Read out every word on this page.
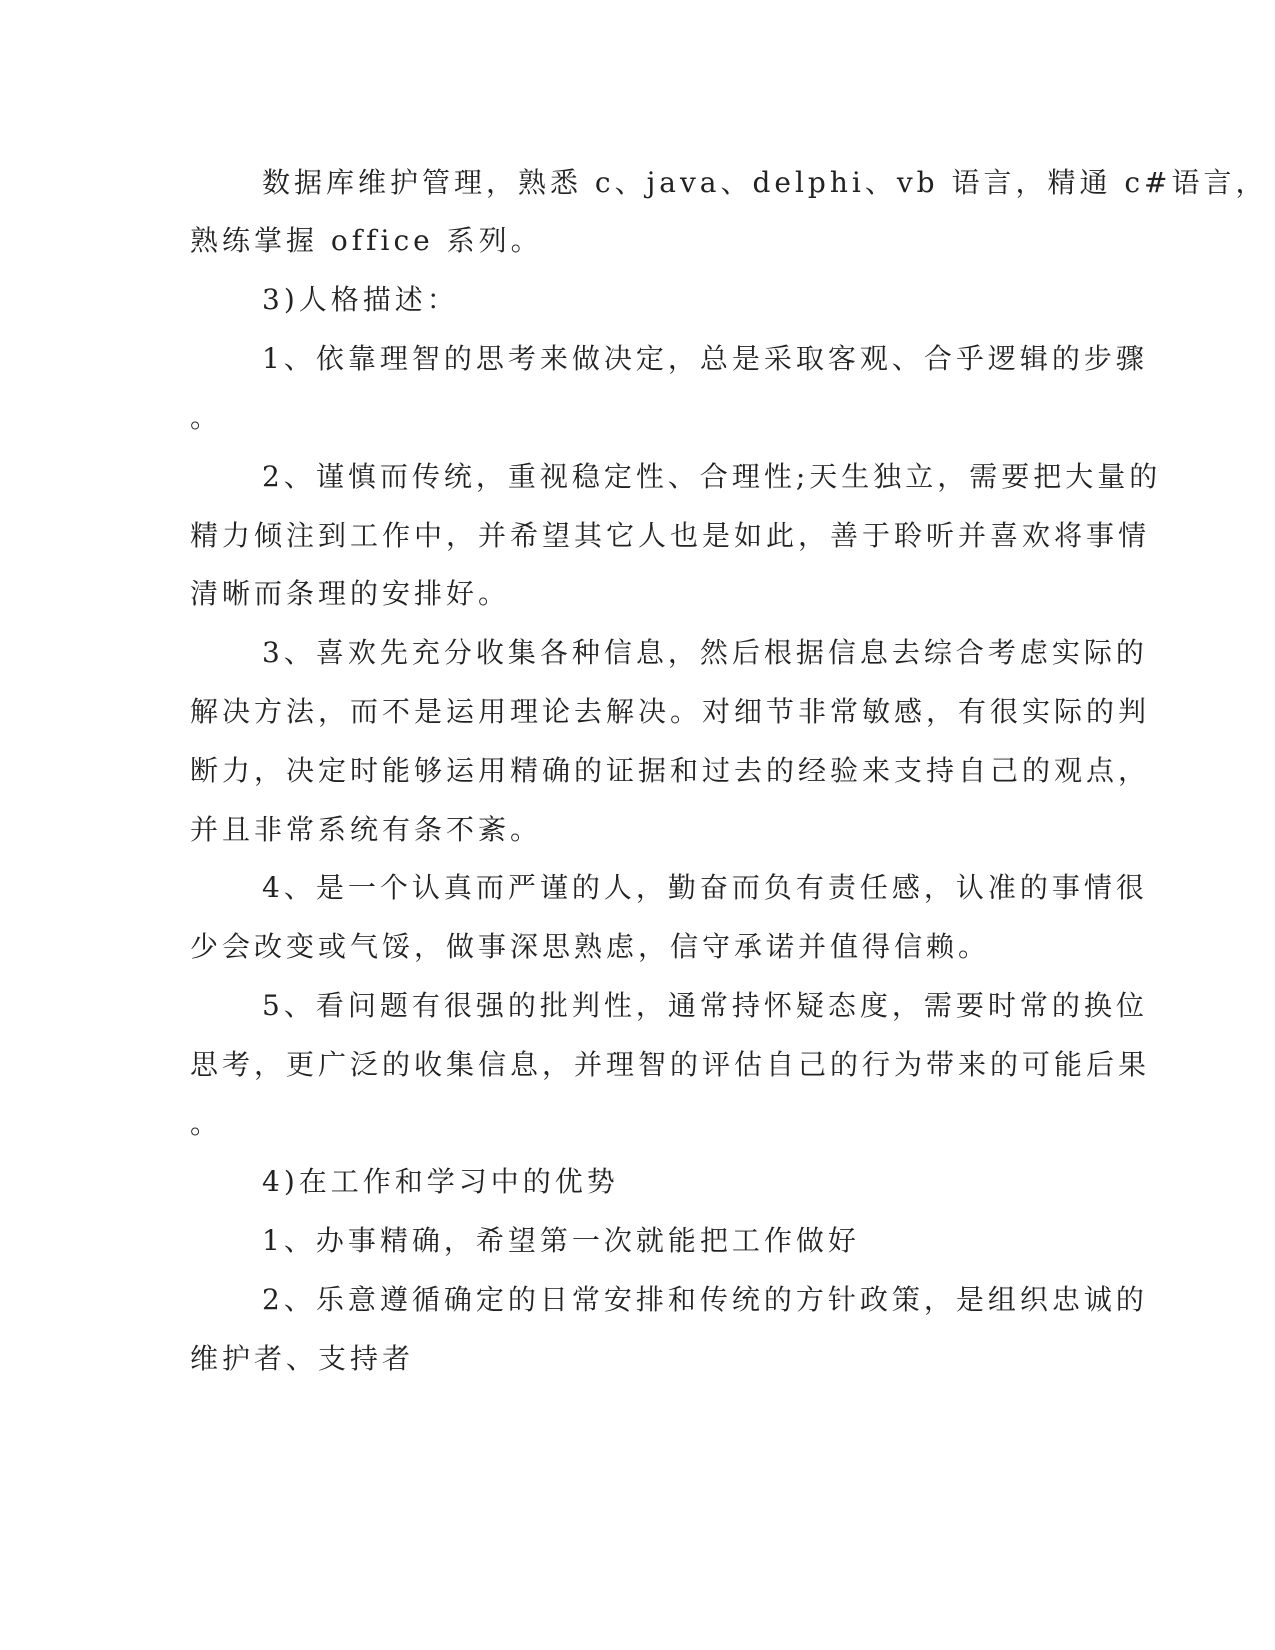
数据库维护管理，熟悉 c、java、delphi、vb 语言，精通 c#语言，
熟练掌握 office 系列。
3)人格描述：
1、依靠理智的思考来做决定，总是采取客观、合乎逻辑的步骤
。
2、谨慎而传统，重视稳定性、合理性;天生独立，需要把大量的
精力倾注到工作中，并希望其它人也是如此，善于聆听并喜欢将事情
清晰而条理的安排好。
3、喜欢先充分收集各种信息，然后根据信息去综合考虑实际的
解决方法，而不是运用理论去解决。对细节非常敏感，有很实际的判
断力，决定时能够运用精确的证据和过去的经验来支持自己的观点，
并且非常系统有条不紊。
4、是一个认真而严谨的人，勤奋而负有责任感，认准的事情很
少会改变或气馁，做事深思熟虑，信守承诺并值得信赖。
5、看问题有很强的批判性，通常持怀疑态度，需要时常的换位
思考，更广泛的收集信息，并理智的评估自己的行为带来的可能后果
。
4)在工作和学习中的优势
1、办事精确，希望第一次就能把工作做好
2、乐意遵循确定的日常安排和传统的方针政策，是组织忠诚的
维护者、支持者
